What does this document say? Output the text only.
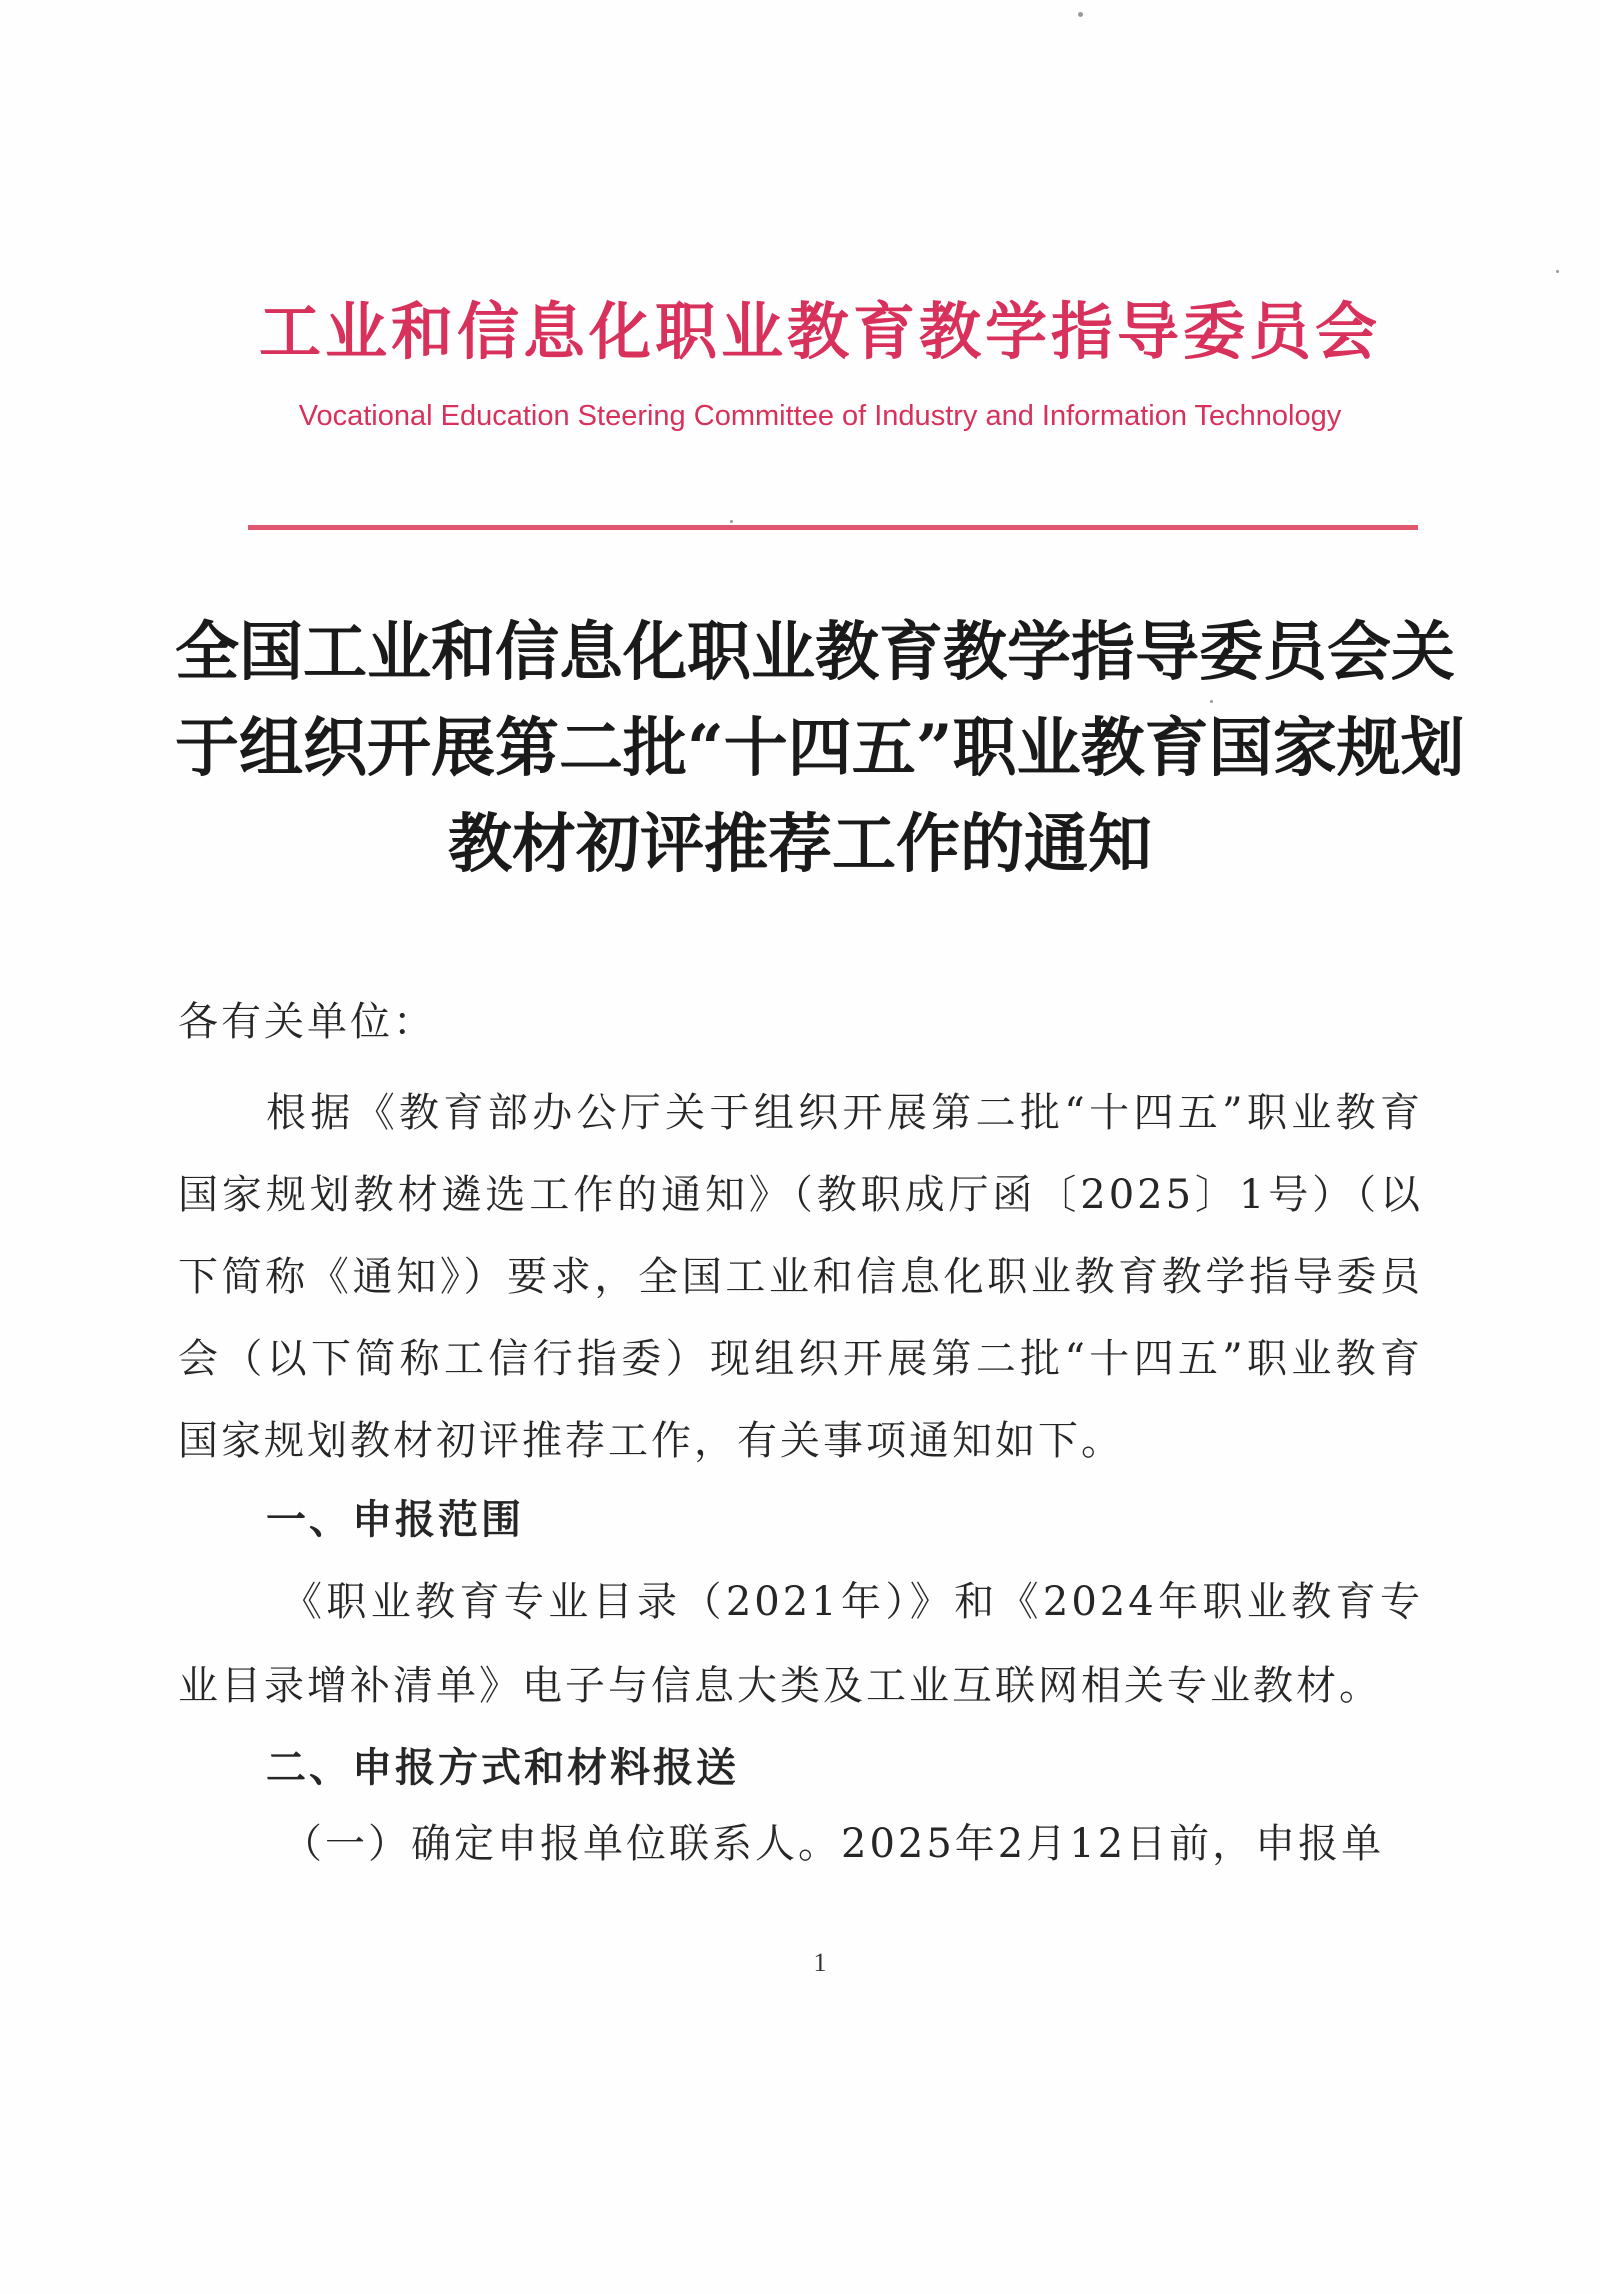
工业和信息化职业教育教学指导委员会
Vocational Education Steering Committee of Industry and Information Technology
全国工业和信息化职业教育教学指导委员会关
于组织开展第二批“十四五”职业教育国家规划
教材初评推荐工作的通知
各有关单位：
根据《教育部办公厅关于组织开展第二批“十四五”职业教育国家规划教材遴选工作的通知》（教职成厅函〔2025〕1号）（以下简称《通知》）要求，全国工业和信息化职业教育教学指导委员会（以下简称工信行指委）现组织开展第二批“十四五”职业教育国家规划教材初评推荐工作，有关事项通知如下。
一、申报范围
《职业教育专业目录（2021年）》和《2024年职业教育专业目录增补清单》电子与信息大类及工业互联网相关专业教材。
二、申报方式和材料报送
（一）确定申报单位联系人。2025年2月12日前，申报单
1
